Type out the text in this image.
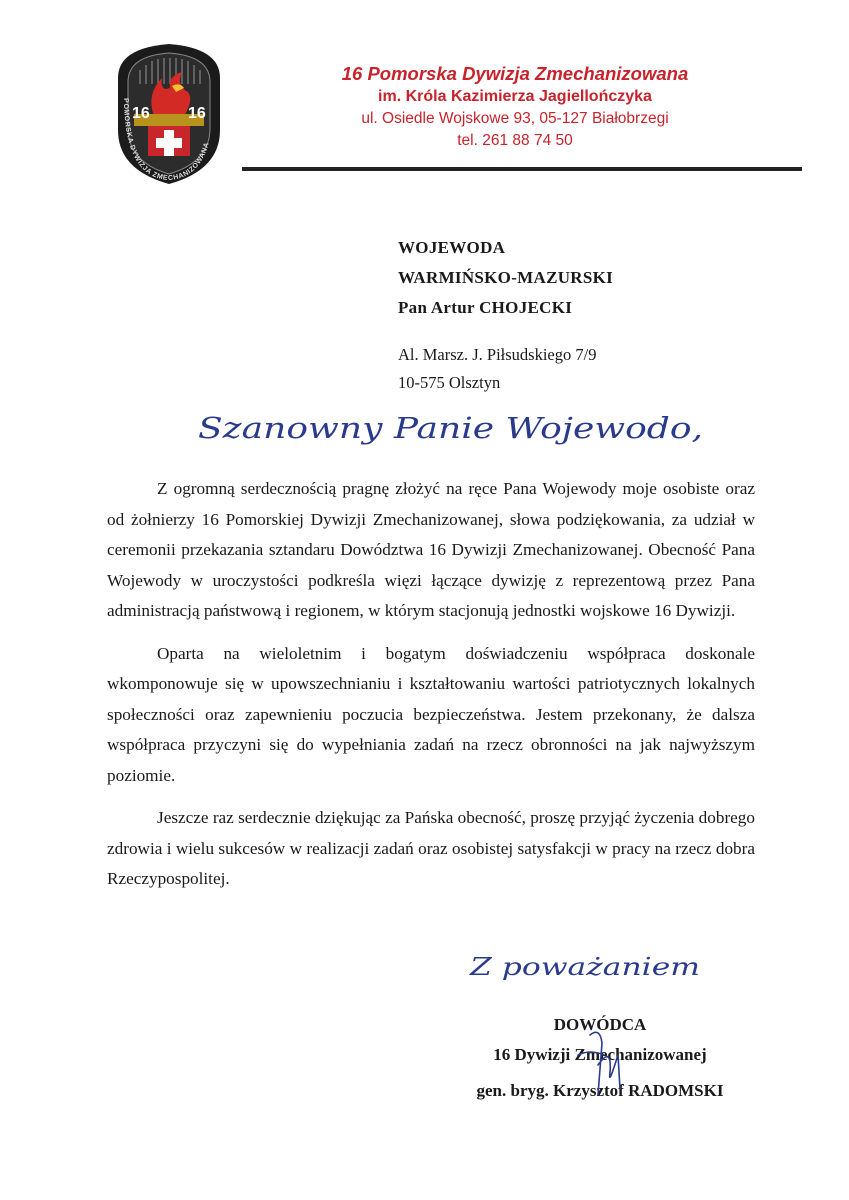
16 16
POMORSKA DYWIZJA ZMECHANIZOWANA
16 Pomorska Dywizja Zmechanizowana
im. Króla Kazimierza Jagiellończyka
ul. Osiedle Wojskowe 93, 05-127 Białobrzegi
tel. 261 88 74 50
WOJEWODA
WARMIŃSKO-MAZURSKI
Pan Artur CHOJECKI
Al. Marsz. J. Piłsudskiego 7/9
10-575 Olsztyn
Szanowny Panie Wojewodo,

Z ogromną serdecznością pragnę złożyć na ręce Pana Wojewody moje osobiste oraz od żołnierzy 16 Pomorskiej Dywizji Zmechanizowanej, słowa podziękowania, za udział w ceremonii przekazania sztandaru Dowództwa 16 Dywizji Zmechanizowanej. Obecność Pana Wojewody w uroczystości podkreśla więzi łączące dywizję z reprezentową przez Pana administracją państwową i regionem, w którym stacjonują jednostki wojskowe 16 Dywizji.

Oparta na wieloletnim i bogatym doświadczeniu współpraca doskonale wkomponowuje się w upowszechnianiu i kształtowaniu wartości patriotycznych lokalnych społeczności oraz zapewnieniu poczucia bezpieczeństwa. Jestem przekonany, że dalsza współpraca przyczyni się do wypełniania zadań na rzecz obronności na jak najwyższym poziomie.

Jeszcze raz serdecznie dziękując za Pańska obecność, proszę przyjąć życzenia dobrego zdrowia i wielu sukcesów w realizacji zadań oraz osobistej satysfakcji w pracy na rzecz dobra Rzeczypospolitej.

Z poważaniem
DOWÓDCA
16 Dywizji Zmechanizowanej
gen. bryg. Krzysztof RADOMSKI
